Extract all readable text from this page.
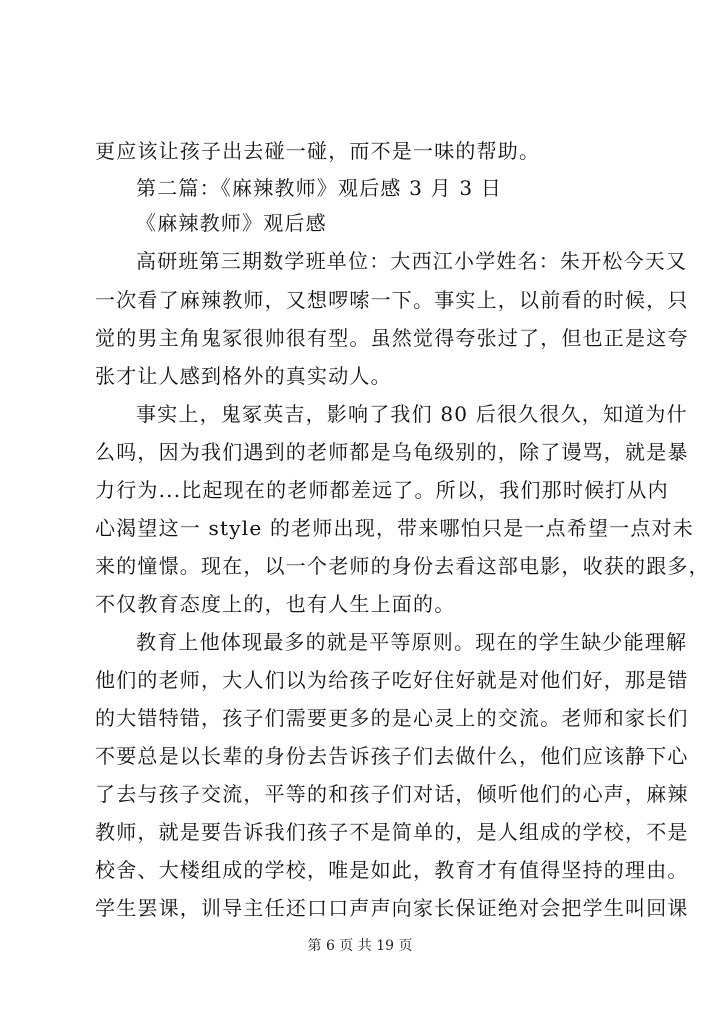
更应该让孩子出去碰一碰，而不是一味的帮助。
第二篇：《麻辣教师》观后感 3 月 3 日
《麻辣教师》观后感
高研班第三期数学班单位：大西江小学姓名：朱开松今天又
一次看了麻辣教师，又想啰嗦一下。事实上，以前看的时候，只
觉的男主角鬼冢很帅很有型。虽然觉得夸张过了，但也正是这夸
张才让人感到格外的真实动人。
事实上，鬼冢英吉，影响了我们 80 后很久很久，知道为什
么吗，因为我们遇到的老师都是乌龟级别的，除了谩骂，就是暴
力行为...比起现在的老师都差远了。所以，我们那时候打从内
心渴望这一 style 的老师出现，带来哪怕只是一点希望一点对未
来的憧憬。现在，以一个老师的身份去看这部电影，收获的跟多，
不仅教育态度上的，也有人生上面的。
教育上他体现最多的就是平等原则。现在的学生缺少能理解
他们的老师，大人们以为给孩子吃好住好就是对他们好，那是错
的大错特错，孩子们需要更多的是心灵上的交流。老师和家长们
不要总是以长辈的身份去告诉孩子们去做什么，他们应该静下心
了去与孩子交流，平等的和孩子们对话，倾听他们的心声，麻辣
教师，就是要告诉我们孩子不是简单的，是人组成的学校，不是
校舍、大楼组成的学校，唯是如此，教育才有值得坚持的理由。
学生罢课，训导主任还口口声声向家长保证绝对会把学生叫回课
第 6 页 共 19 页
